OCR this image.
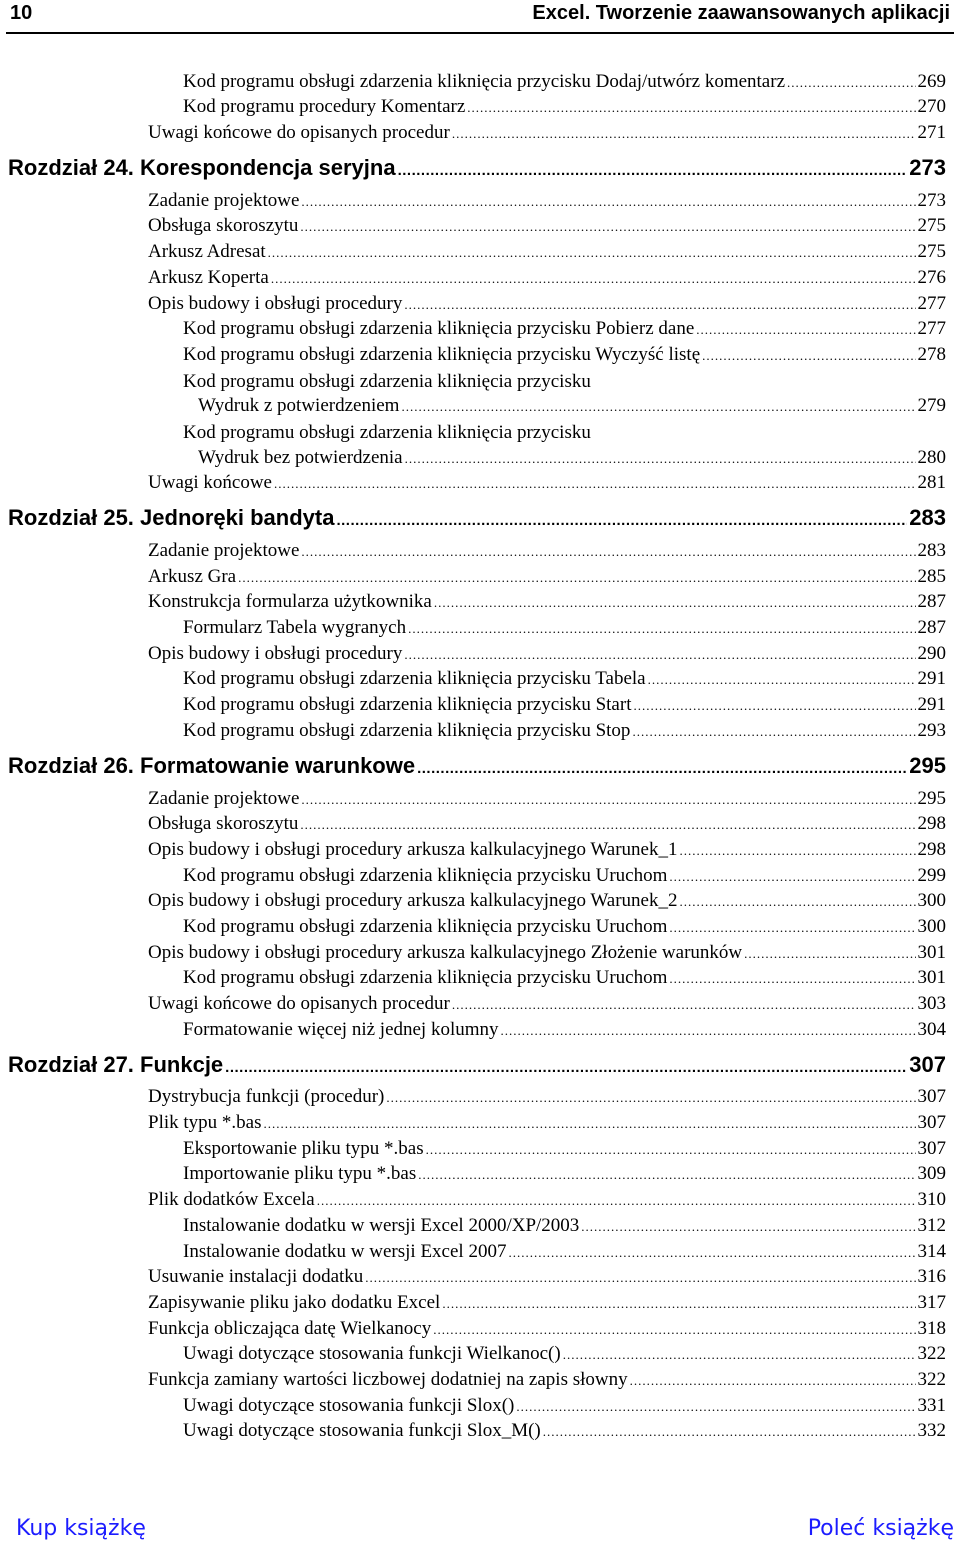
10	Excel. Tworzenie zaawansowanych aplikacji
Kod programu obsługi zdarzenia kliknięcia przycisku Dodaj/utwórz komentarz .....	269
Kod programu procedury Komentarz .....	270
Uwagi końcowe do opisanych procedur .....	271
Rozdział 24. Korespondencja seryjna .....	273
Zadanie projektowe .....	273
Obsługa skoroszytu .....	275
Arkusz Adresat .....	275
Arkusz Koperta .....	276
Opis budowy i obsługi procedury .....	277
Kod programu obsługi zdarzenia kliknięcia przycisku Pobierz dane .....	277
Kod programu obsługi zdarzenia kliknięcia przycisku Wyczyść listę .....	278
Kod programu obsługi zdarzenia kliknięcia przycisku
Wydruk z potwierdzeniem .....	279
Kod programu obsługi zdarzenia kliknięcia przycisku
Wydruk bez potwierdzenia .....	280
Uwagi końcowe .....	281
Rozdział 25. Jednoręki bandyta .....	283
Zadanie projektowe .....	283
Arkusz Gra .....	285
Konstrukcja formularza użytkownika .....	287
Formularz Tabela wygranych .....	287
Opis budowy i obsługi procedury .....	290
Kod programu obsługi zdarzenia kliknięcia przycisku Tabela .....	291
Kod programu obsługi zdarzenia kliknięcia przycisku Start .....	291
Kod programu obsługi zdarzenia kliknięcia przycisku Stop .....	293
Rozdział 26. Formatowanie warunkowe .....	295
Zadanie projektowe .....	295
Obsługa skoroszytu .....	298
Opis budowy i obsługi procedury arkusza kalkulacyjnego Warunek_1 .....	298
Kod programu obsługi zdarzenia kliknięcia przycisku Uruchom .....	299
Opis budowy i obsługi procedury arkusza kalkulacyjnego Warunek_2 .....	300
Kod programu obsługi zdarzenia kliknięcia przycisku Uruchom .....	300
Opis budowy i obsługi procedury arkusza kalkulacyjnego Złożenie warunków .....	301
Kod programu obsługi zdarzenia kliknięcia przycisku Uruchom .....	301
Uwagi końcowe do opisanych procedur .....	303
Formatowanie więcej niż jednej kolumny .....	304
Rozdział 27. Funkcje .....	307
Dystrybucja funkcji (procedur) .....	307
Plik typu *.bas .....	307
Eksportowanie pliku typu *.bas .....	307
Importowanie pliku typu *.bas .....	309
Plik dodatków Excela .....	310
Instalowanie dodatku w wersji Excel 2000/XP/2003 .....	312
Instalowanie dodatku w wersji Excel 2007 .....	314
Usuwanie instalacji dodatku .....	316
Zapisywanie pliku jako dodatku Excel .....	317
Funkcja obliczająca datę Wielkanocy .....	318
Uwagi dotyczące stosowania funkcji Wielkanoc() .....	322
Funkcja zamiany wartości liczbowej dodatniej na zapis słowny .....	322
Uwagi dotyczące stosowania funkcji Slox() .....	331
Uwagi dotyczące stosowania funkcji Slox_M() .....	332
Kup książkę	Poleć książkę
